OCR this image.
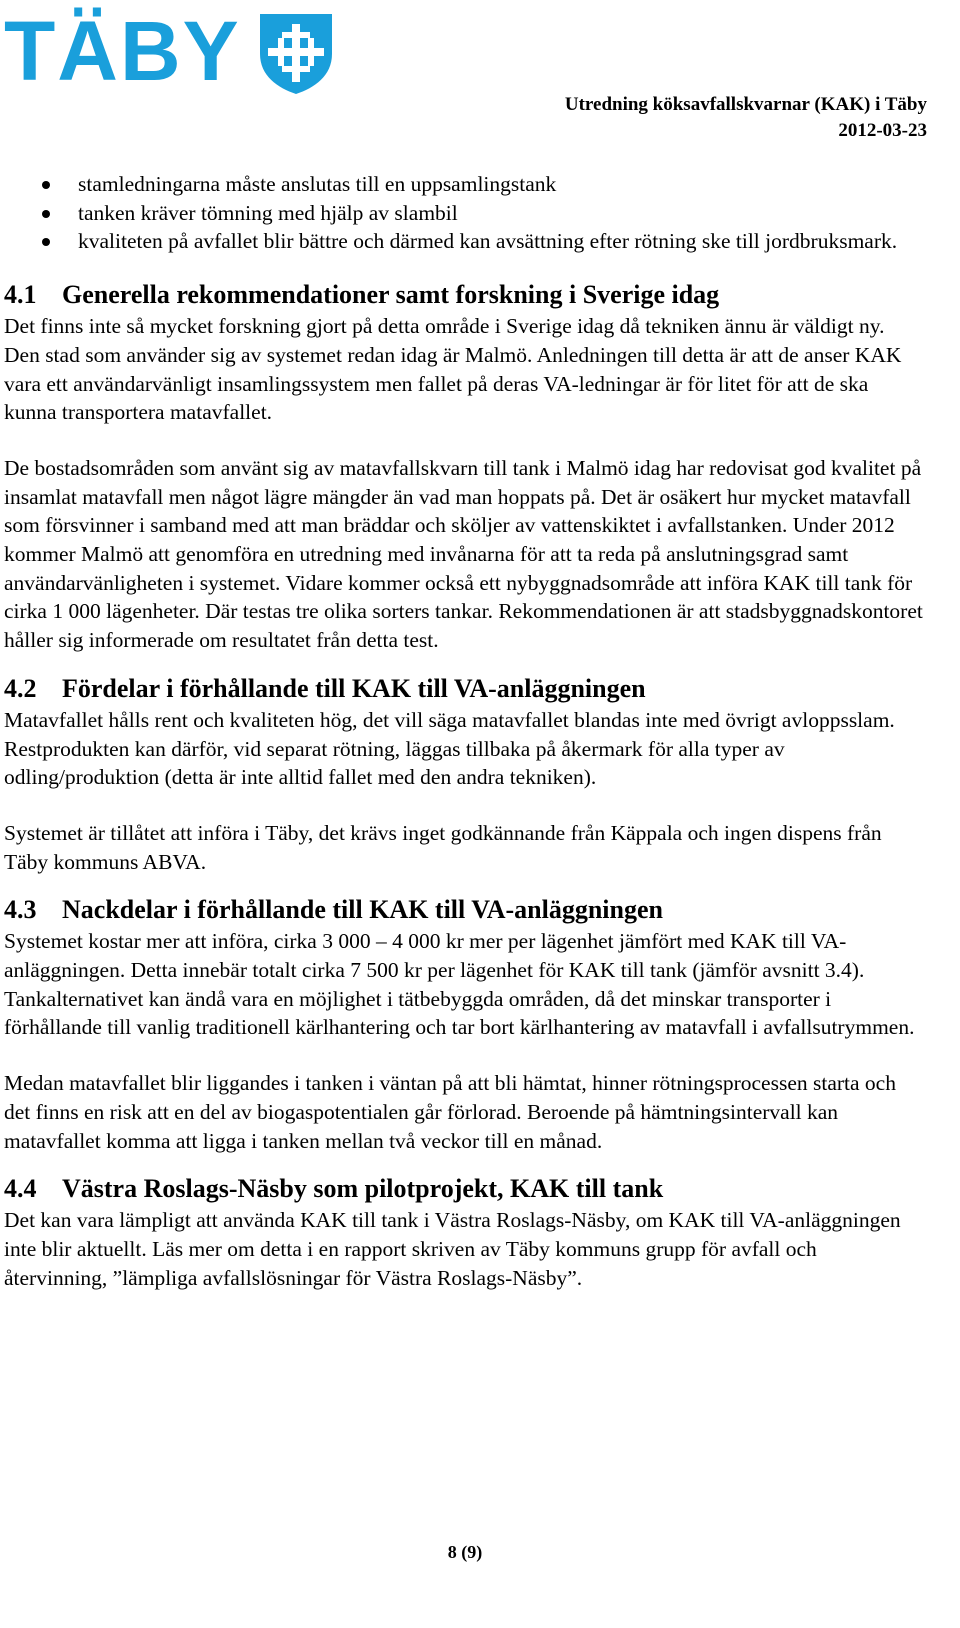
TÄBY
Utredning köksavfallskvarnar (KAK) i Täby
2012-03-23
stamledningarna måste anslutas till en uppsamlingstank
tanken kräver tömning med hjälp av slambil
kvaliteten på avfallet blir bättre och därmed kan avsättning efter rötning ske till jordbruksmark.
4.1 Generella rekommendationer samt forskning i Sverige idag

Det finns inte så mycket forskning gjort på detta område i Sverige idag då tekniken ännu är väldigt ny. Den stad som använder sig av systemet redan idag är Malmö. Anledningen till detta är att de anser KAK vara ett användarvänligt insamlingssystem men fallet på deras VA-ledningar är för litet för att de ska kunna transportera matavfallet.

De bostadsområden som använt sig av matavfallskvarn till tank i Malmö idag har redovisat god kvalitet på insamlat matavfall men något lägre mängder än vad man hoppats på. Det är osäkert hur mycket matavfall som försvinner i samband med att man bräddar och sköljer av vattenskiktet i avfallstanken. Under 2012 kommer Malmö att genomföra en utredning med invånarna för att ta reda på anslutningsgrad samt användarvänligheten i systemet. Vidare kommer också ett nybyggnadsområde att införa KAK till tank för cirka 1 000 lägenheter. Där testas tre olika sorters tankar. Rekommendationen är att stadsbyggnadskontoret håller sig informerade om resultatet från detta test.

4.2 Fördelar i förhållande till KAK till VA-anläggningen

Matavfallet hålls rent och kvaliteten hög, det vill säga matavfallet blandas inte med övrigt avloppsslam. Restprodukten kan därför, vid separat rötning, läggas tillbaka på åkermark för alla typer av odling/produktion (detta är inte alltid fallet med den andra tekniken).

Systemet är tillåtet att införa i Täby, det krävs inget godkännande från Käppala och ingen dispens från Täby kommuns ABVA.

4.3 Nackdelar i förhållande till KAK till VA-anläggningen

Systemet kostar mer att införa, cirka 3 000 – 4 000 kr mer per lägenhet jämfört med KAK till VA-anläggningen. Detta innebär totalt cirka 7 500 kr per lägenhet för KAK till tank (jämför avsnitt 3.4). Tankalternativet kan ändå vara en möjlighet i tätbebyggda områden, då det minskar transporter i förhållande till vanlig traditionell kärlhantering och tar bort kärlhantering av matavfall i avfallsutrymmen.

Medan matavfallet blir liggandes i tanken i väntan på att bli hämtat, hinner rötningsprocessen starta och det finns en risk att en del av biogaspotentialen går förlorad. Beroende på hämtningsintervall kan matavfallet komma att ligga i tanken mellan två veckor till en månad.

4.4 Västra Roslags-Näsby som pilotprojekt, KAK till tank

Det kan vara lämpligt att använda KAK till tank i Västra Roslags-Näsby, om KAK till VA-anläggningen inte blir aktuellt. Läs mer om detta i en rapport skriven av Täby kommuns grupp för avfall och återvinning, ”lämpliga avfallslösningar för Västra Roslags-Näsby”.

8 (9)
